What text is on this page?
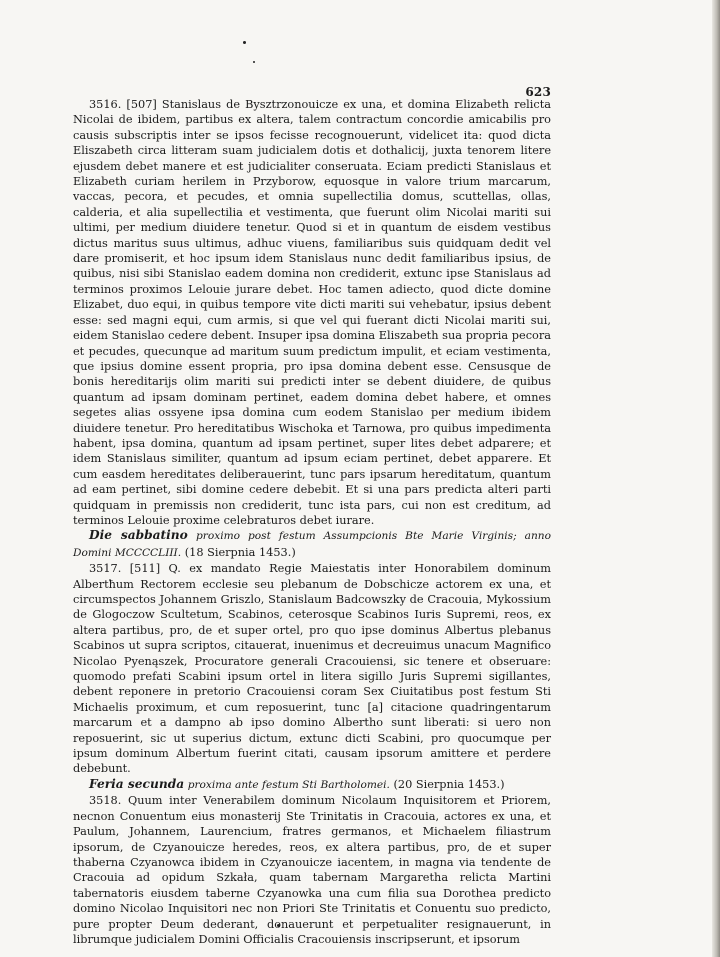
623

3516. [507] Stanislaus de Bysztrzonouicze ex una, et domina Elizabeth relicta Nicolai de ibidem, partibus ex altera, talem contractum concordie amicabilis pro causis subscriptis inter se ipsos fecisse recognouerunt, videlicet ita: quod dicta Eliszabeth circa litteram suam judicialem dotis et dothalicij, juxta tenorem litere ejusdem debet manere et est judicialiter conseruata. Eciam predicti Stanislaus et Elizabeth curiam herilem in Przyborow, equosque in valore trium marcarum, vaccas, pecora, et pecudes, et omnia supellectilia domus, scuttellas, ollas, calderia, et alia supellectilia et vestimenta, que fuerunt olim Nicolai mariti sui ultimi, per medium diuidere tenetur. Quod si et in quantum de eisdem vestibus dictus maritus suus ultimus, adhuc viuens, familiaribus suis quidquam dedit vel dare promiserit, et hoc ipsum idem Stanislaus nunc dedit familiaribus ipsius, de quibus, nisi sibi Stanislao eadem domina non crediderit, extunc ipse Stanislaus ad terminos proximos Lelouie jurare debet. Hoc tamen adiecto, quod dicte domine Elizabet, duo equi, in quibus tempore vite dicti mariti sui vehebatur, ipsius debent esse: sed magni equi, cum armis, si que vel qui fuerant dicti Nicolai mariti sui, eidem Stanislao cedere debent. Insuper ipsa domina Eliszabeth sua propria pecora et pecudes, quecunque ad maritum suum predictum impulit, et eciam vestimenta, que ipsius domine essent propria, pro ipsa domina debent esse. Censusque de bonis hereditarijs olim mariti sui predicti inter se debent diuidere, de quibus quantum ad ipsam dominam pertinet, eadem domina debet habere, et omnes segetes alias ossyene ipsa domina cum eodem Stanislao per medium ibidem diuidere tenetur. Pro hereditatibus Wischoka et Tarnowa, pro quibus impedimenta habent, ipsa domina, quantum ad ipsam pertinet, super lites debet adparere; et idem Stanislaus similiter, quantum ad ipsum eciam pertinet, debet apparere. Et cum easdem hereditates deliberauerint, tunc pars ipsarum hereditatum, quantum ad eam pertinet, sibi domine cedere debebit. Et si una pars predicta alteri parti quidquam in premissis non crediderit, tunc ista pars, cui non est creditum, ad terminos Lelouie proxime celebraturos debet iurare.

Die sabbatino proximo post festum Assumpcionis Bte Marie Virginis; anno Domini MCCCCLIII. (18 Sierpnia 1453.)

3517. [511] Q. ex mandato Regie Maiestatis inter Honorabilem dominum Albertħum Rectorem ecclesie seu plebanum de Dobschicze actorem ex una, et circumspectos Johannem Griszlo, Stanislaum Badcowszky de Cracouia, Mykossium de Glogoczow Scultetum, Scabinos, ceterosque Scabinos Iuris Supremi, reos, ex altera partibus, pro, de et super ortel, pro quo ipse dominus Albertus plebanus Scabinos ut supra scriptos, citauerat, inuenimus et decreuimus unacum Magnifico Nicolao Pyenąszek, Procuratore generali Cracouiensi, sic tenere et obseruare: quomodo prefati Scabini ipsum ortel in litera sigillo Juris Supremi sigillantes, debent reponere in pretorio Cracouiensi coram Sex Ciuitatibus post festum Sti Michaelis proximum, et cum reposuerint, tunc [a] citacione quadringentarum marcarum et a dampno ab ipso domino Albertho sunt liberati: si uero non reposuerint, sic ut superius dictum, extunc dicti Scabini, pro quocumque per ipsum dominum Albertum fuerint citati, causam ipsorum amittere et perdere debebunt.

Feria secunda proxima ante festum Sti Bartholomei. (20 Sierpnia 1453.)

3518. Quum inter Venerabilem dominum Nicolaum Inquisitorem et Priorem, necnon Conuentum eius monasterij Ste Trinitatis in Cracouia, actores ex una, et Paulum, Johannem, Laurencium, fratres germanos, et Michaelem filiastrum ipsorum, de Czyanouicze heredes, reos, ex altera partibus, pro, de et super thaberna Czyanowca ibidem in Czyanouicze iacentem, in magna via tendente de Cracouia ad opidum Szkała, quam tabernam Margaretha relicta Martini tabernatoris eiusdem taberne Czyanowka una cum filia sua Dorothea predicto domino Nicolao Inquisitori nec non Priori Ste Trinitatis et Conuentu suo predicto, pure propter Deum dederant, donauerunt et perpetualiter resignauerunt, in librumque judicialem Domini Officialis Cracouiensis inscripserunt, et ipsorum
